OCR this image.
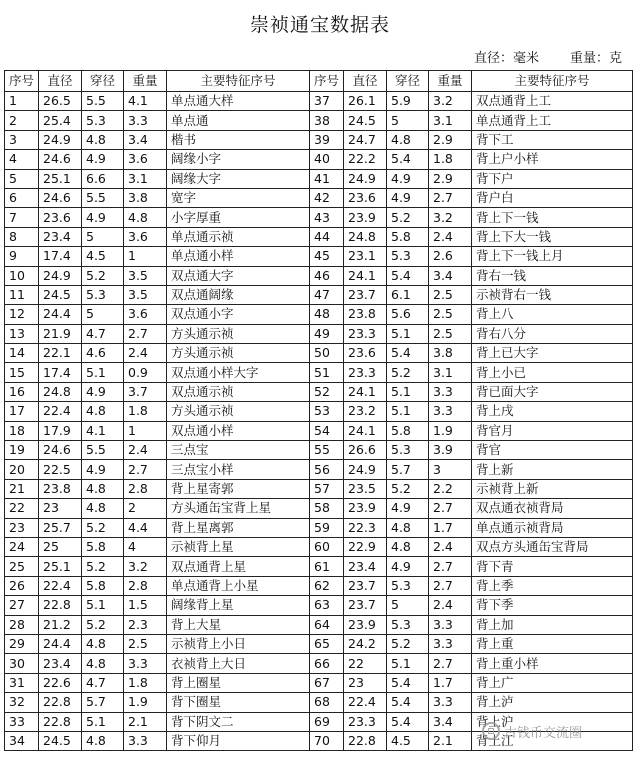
崇祯通宝数据表
直径：毫米 重量：克
序号	直径	穿径	重量	主要特征序号	序号	直径	穿径	重量	主要特征序号
1	26.5	5.5	4.1	单点通大样	37	26.1	5.9	3.2	双点通背上工
2	25.4	5.3	3.3	单点通	38	24.5	5	3.1	单点通背上工
3	24.9	4.8	3.4	楷书	39	24.7	4.8	2.9	背下工
4	24.6	4.9	3.6	阔缘小字	40	22.2	5.4	1.8	背上户小样
5	25.1	6.6	3.1	阔缘大字	41	24.9	4.9	2.9	背下户
6	24.6	5.5	3.8	宽字	42	23.6	4.9	2.7	背户白
7	23.6	4.9	4.8	小字厚重	43	23.9	5.2	3.2	背上下一钱
8	23.4	5	3.6	单点通示祯	44	24.8	5.8	2.4	背上下大一钱
9	17.4	4.5	1	单点通小样	45	23.1	5.3	2.6	背上下一钱上月
10	24.9	5.2	3.5	双点通大字	46	24.1	5.4	3.4	背右一钱
11	24.5	5.3	3.5	双点通阔缘	47	23.7	6.1	2.5	示祯背右一钱
12	24.4	5	3.6	双点通小字	48	23.8	5.6	2.5	背上八
13	21.9	4.7	2.7	方头通示祯	49	23.3	5.1	2.5	背右八分
14	22.1	4.6	2.4	方头通示祯	50	23.6	5.4	3.8	背上已大字
15	17.4	5.1	0.9	双点通小样大字	51	23.3	5.2	3.1	背上小已
16	24.8	4.9	3.7	双点通示祯	52	24.1	5.1	3.3	背已面大字
17	22.4	4.8	1.8	方头通示祯	53	23.2	5.1	3.3	背上戌
18	17.9	4.1	1	双点通小样	54	24.1	5.8	1.9	背官月
19	24.6	5.5	2.4	三点宝	55	26.6	5.3	3.9	背官
20	22.5	4.9	2.7	三点宝小样	56	24.9	5.7	3	背上新
21	23.8	4.8	2.8	背上星寄郭	57	23.5	5.2	2.2	示祯背上新
22	23	4.8	2	方头通缶宝背上星	58	23.9	4.9	2.7	双点通衣祯背局
23	25.7	5.2	4.4	背上星离郭	59	22.3	4.8	1.7	单点通示祯背局
24	25	5.8	4	示祯背上星	60	22.9	4.8	2.4	双点方头通缶宝背局
25	25.1	5.2	3.2	双点通背上星	61	23.4	4.9	2.7	背下青
26	22.4	5.8	2.8	单点通背上小星	62	23.7	5.3	2.7	背上季
27	22.8	5.1	1.5	阔缘背上星	63	23.7	5	2.4	背下季
28	21.2	5.2	2.3	背上大星	64	23.9	5.3	3.3	背上加
29	24.4	4.8	2.5	示祯背上小日	65	24.2	5.2	3.3	背上重
30	23.4	4.8	3.3	衣祯背上大日	66	22	5.1	2.7	背上重小样
31	22.6	4.7	1.8	背上圈星	67	23	5.4	1.7	背上广
32	22.8	5.7	1.9	背下圈星	68	22.4	5.4	3.3	背上泸
33	22.8	5.1	2.1	背下阴文二	69	23.3	5.4	3.4	背上沪
34	24.5	4.8	3.3	背下仰月	70	22.8	4.5	2.1	背上江
古钱币交流圈
